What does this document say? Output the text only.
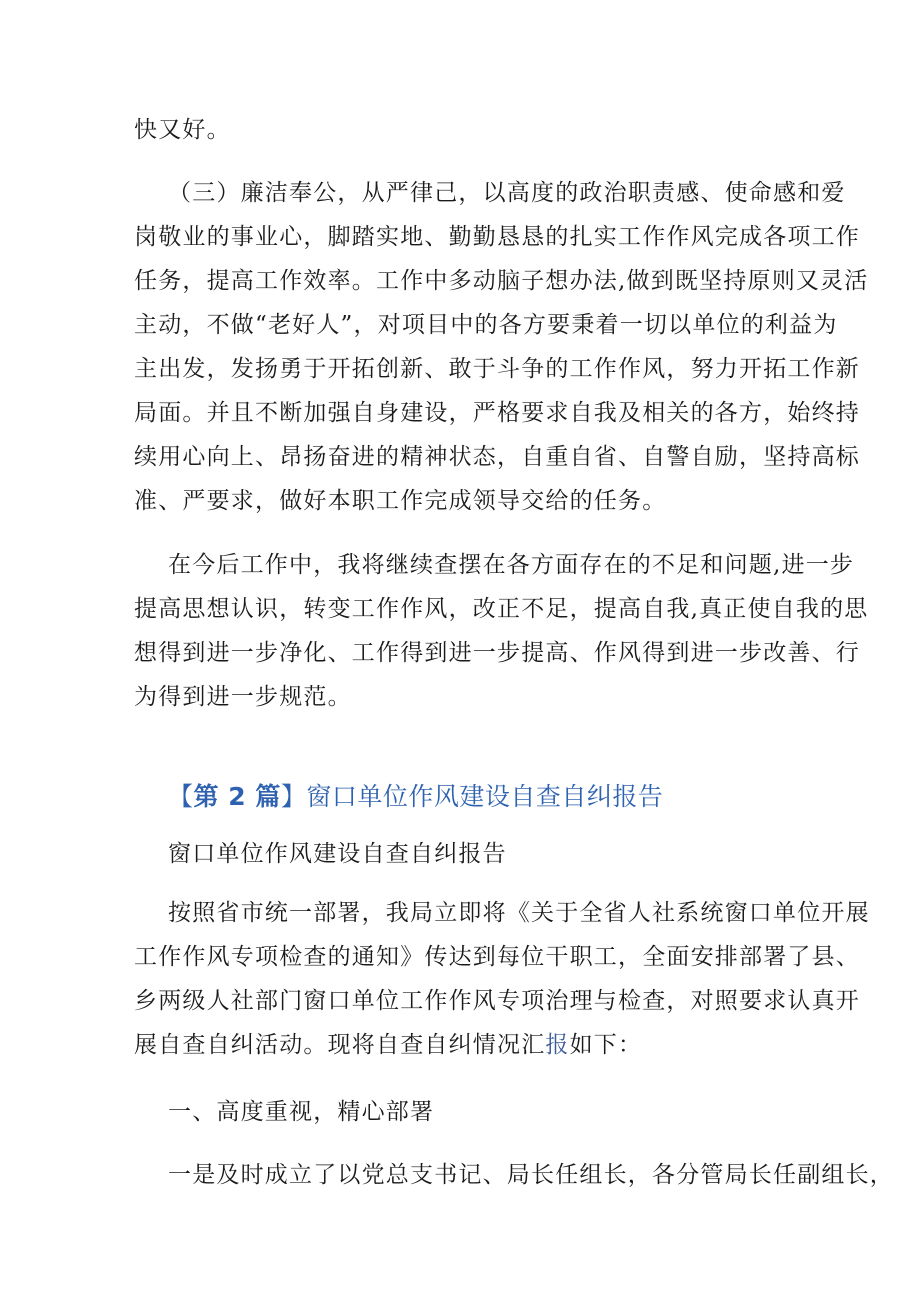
快又好。
（三）廉洁奉公，从严律己，以高度的政治职责感、使命感和爱
岗敬业的事业心，脚踏实地、勤勤恳恳的扎实工作作风完成各项工作
任务，提高工作效率。工作中多动脑子想办法,做到既坚持原则又灵活
主动，不做“老好人”，对项目中的各方要秉着一切以单位的利益为
主出发，发扬勇于开拓创新、敢于斗争的工作作风，努力开拓工作新
局面。并且不断加强自身建设，严格要求自我及相关的各方，始终持
续用心向上、昂扬奋进的精神状态，自重自省、自警自励，坚持高标
准、严要求，做好本职工作完成领导交给的任务。
在今后工作中，我将继续查摆在各方面存在的不足和问题,进一步
提高思想认识，转变工作作风，改正不足，提高自我,真正使自我的思
想得到进一步净化、工作得到进一步提高、作风得到进一步改善、行
为得到进一步规范。
【第 2 篇】窗口单位作风建设自查自纠报告
窗口单位作风建设自查自纠报告
按照省市统一部署，我局立即将《关于全省人社系统窗口单位开展
工作作风专项检查的通知》传达到每位干职工，全面安排部署了县、
乡两级人社部门窗口单位工作作风专项治理与检查，对照要求认真开
展自查自纠活动。现将自查自纠情况汇报如下：
一、高度重视，精心部署
一是及时成立了以党总支书记、局长任组长，各分管局长任副组长，
